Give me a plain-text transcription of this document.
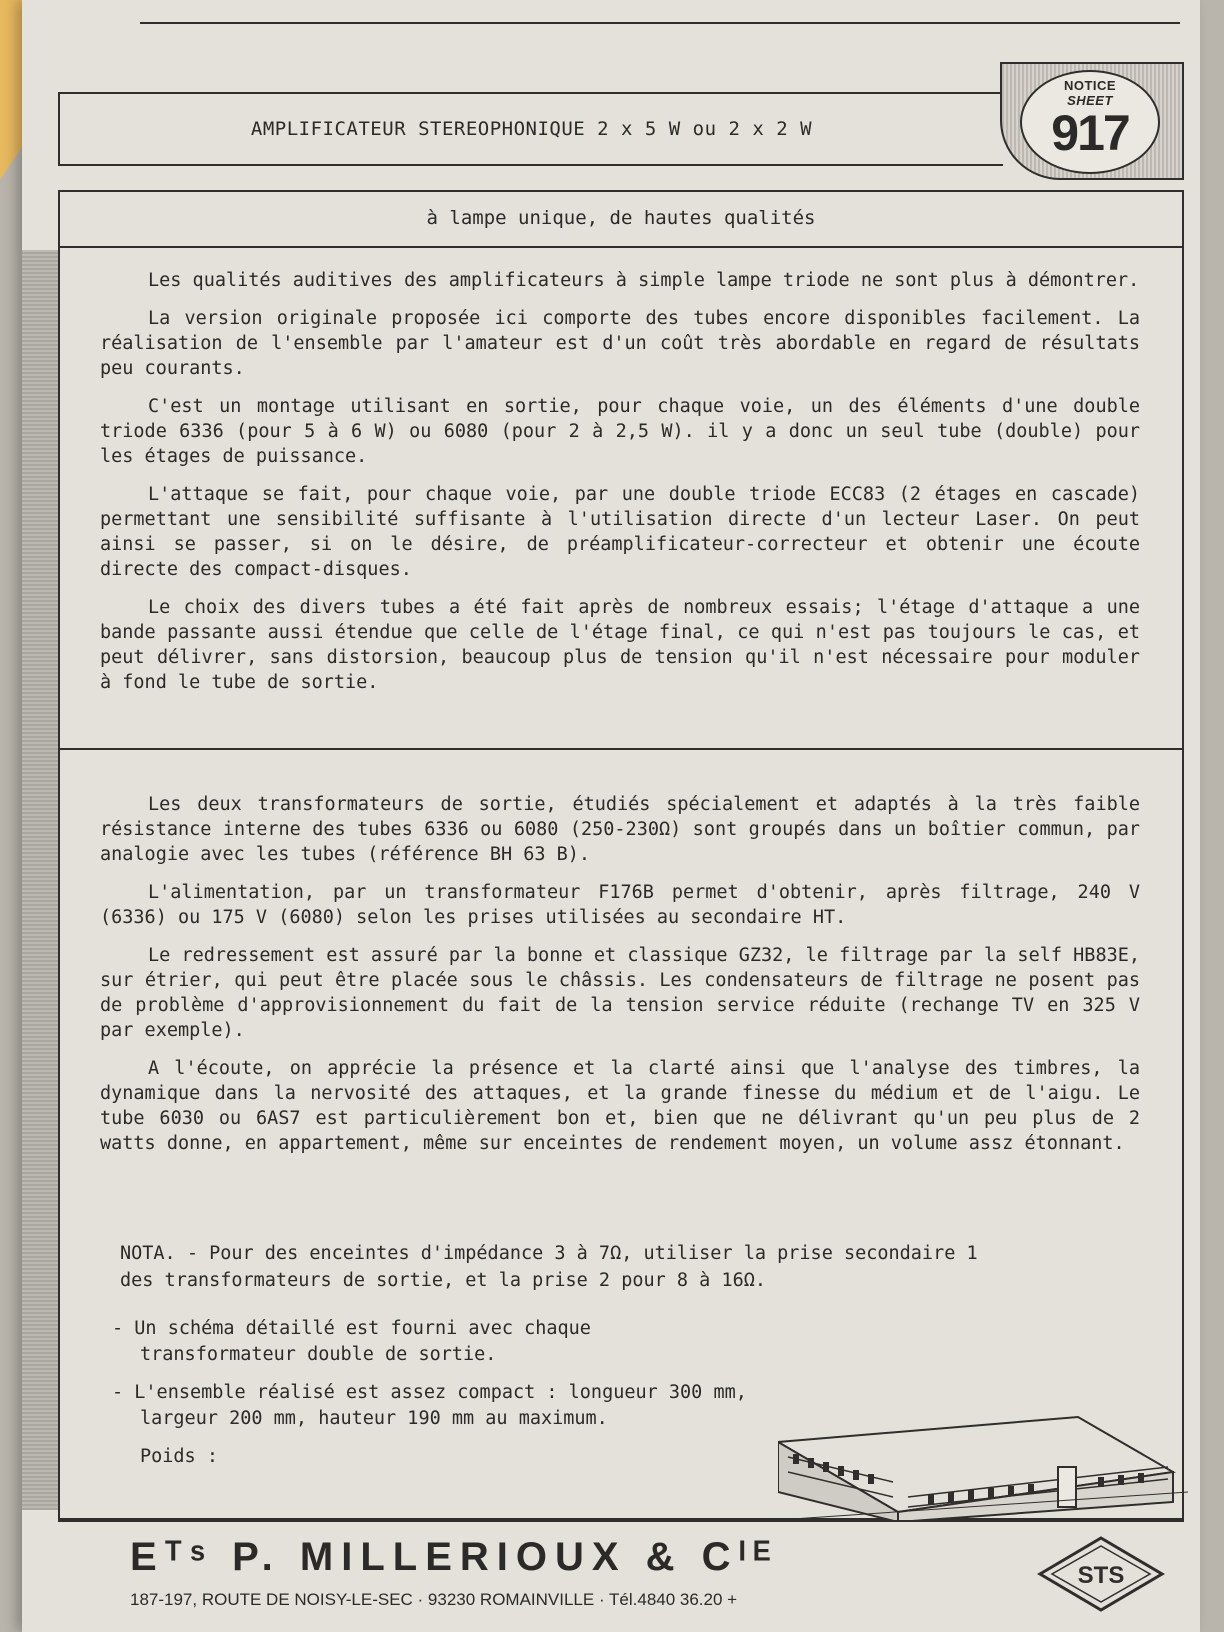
AMPLIFICATEUR STEREOPHONIQUE 2 x 5 W ou 2 x 2 W
NOTICE
SHEET
917
à lampe unique, de hautes qualités

Les qualités auditives des amplificateurs à simple lampe triode ne sont plus à démontrer.

La version originale proposée ici comporte des tubes encore disponibles facilement. La réalisation de l'ensemble par l'amateur est d'un coût très abordable en regard de résultats peu courants.

C'est un montage utilisant en sortie, pour chaque voie, un des éléments d'une double triode 6336 (pour 5 à 6 W) ou 6080 (pour 2 à 2,5 W). il y a donc un seul tube (double) pour les étages de puissance.

L'attaque se fait, pour chaque voie, par une double triode ECC83 (2 étages en cascade) permettant une sensibilité suffisante à l'utilisation directe d'un lecteur Laser. On peut ainsi se passer, si on le désire, de préamplificateur-correcteur et obtenir une écoute directe des compact-disques.

Le choix des divers tubes a été fait après de nombreux essais; l'étage d'attaque a une bande passante aussi étendue que celle de l'étage final, ce qui n'est pas toujours le cas, et peut délivrer, sans distorsion, beaucoup plus de tension qu'il n'est nécessaire pour moduler à fond le tube de sortie.

Les deux transformateurs de sortie, étudiés spécialement et adaptés à la très faible résistance interne des tubes 6336 ou 6080 (250-230Ω) sont groupés dans un boîtier commun, par analogie avec les tubes (référence BH 63 B).

L'alimentation, par un transformateur F176B permet d'obtenir, après filtrage, 240 V (6336) ou 175 V (6080) selon les prises utilisées au secondaire HT.

Le redressement est assuré par la bonne et classique GZ32, le filtrage par la self HB83E, sur étrier, qui peut être placée sous le châssis. Les condensateurs de filtrage ne posent pas de problème d'approvisionnement du fait de la tension service réduite (rechange TV en 325 V par exemple).

A l'écoute, on apprécie la présence et la clarté ainsi que l'analyse des timbres, la dynamique dans la nervosité des attaques, et la grande finesse du médium et de l'aigu. Le tube 6030 ou 6AS7 est particulièrement bon et, bien que ne délivrant qu'un peu plus de 2 watts donne, en appartement, même sur enceintes de rendement moyen, un volume assz étonnant.

NOTA. - Pour des enceintes d'impédance 3 à 7Ω, utiliser la prise secondaire 1
des transformateurs de sortie, et la prise 2 pour 8 à 16Ω.
- Un schéma détaillé est fourni avec chaque transformateur double de sortie.
- L'ensemble réalisé est assez compact : longueur 300 mm, largeur 200 mm, hauteur 190 mm au maximum.
Poids :
Eᵀˢ P. MILLERIOUX & Cᴵᴱ
187-197, ROUTE DE NOISY-LE-SEC · 93230 ROMAINVILLE · Tél.4840 36.20 +
STS
